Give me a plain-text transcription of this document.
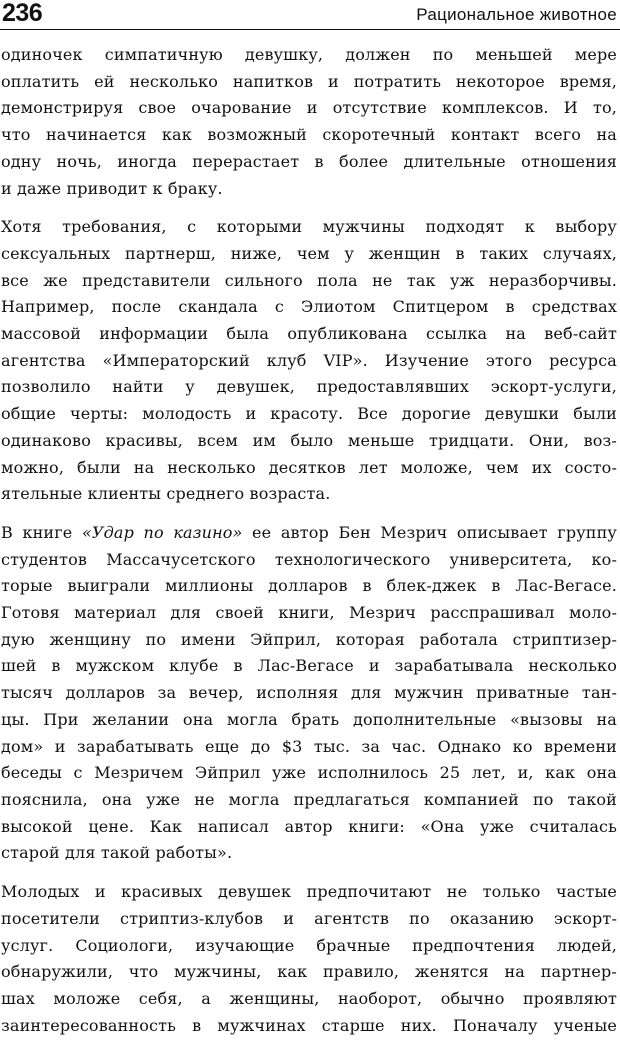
236	Рациональное животное

одиночек симпатичную девушку, должен по меньшей мере
оплатить ей несколько напитков и потратить некоторое время,
демонстрируя свое очарование и отсутствие комплексов. И то,
что начинается как возможный скоротечный контакт всего на
одну ночь, иногда перерастает в более длительные отношения
и даже приводит к браку.

Хотя требования, с которыми мужчины подходят к выбору
сексуальных партнерш, ниже, чем у женщин в таких случаях,
все же представители сильного пола не так уж неразборчивы.
Например, после скандала с Элиотом Спитцером в средствах
массовой информации была опубликована ссылка на веб-сайт
агентства «Императорский клуб VIP». Изучение этого ресурса
позволило найти у девушек, предоставлявших эскорт-услуги,
общие черты: молодость и красоту. Все дорогие девушки были
одинаково красивы, всем им было меньше тридцати. Они, воз-
можно, были на несколько десятков лет моложе, чем их состо-
ятельные клиенты среднего возраста.

В книге «Удар по казино» ее автор Бен Мезрич описывает группу
студентов Массачусетского технологического университета, ко-
торые выиграли миллионы долларов в блек-джек в Лас-Вегасе.
Готовя материал для своей книги, Мезрич расспрашивал моло-
дую женщину по имени Эйприл, которая работала стриптизер-
шей в мужском клубе в Лас-Вегасе и зарабатывала несколько
тысяч долларов за вечер, исполняя для мужчин приватные тан-
цы. При желании она могла брать дополнительные «вызовы на
дом» и зарабатывать еще до $3 тыс. за час. Однако ко времени
беседы с Мезричем Эйприл уже исполнилось 25 лет, и, как она
пояснила, она уже не могла предлагаться компанией по такой
высокой цене. Как написал автор книги: «Она уже считалась
старой для такой работы».

Молодых и красивых девушек предпочитают не только частые
посетители стриптиз-клубов и агентств по оказанию эскорт-
услуг. Социологи, изучающие брачные предпочтения людей,
обнаружили, что мужчины, как правило, женятся на партнер-
шах моложе себя, а женщины, наоборот, обычно проявляют
заинтересованность в мужчинах старше них. Поначалу ученые
